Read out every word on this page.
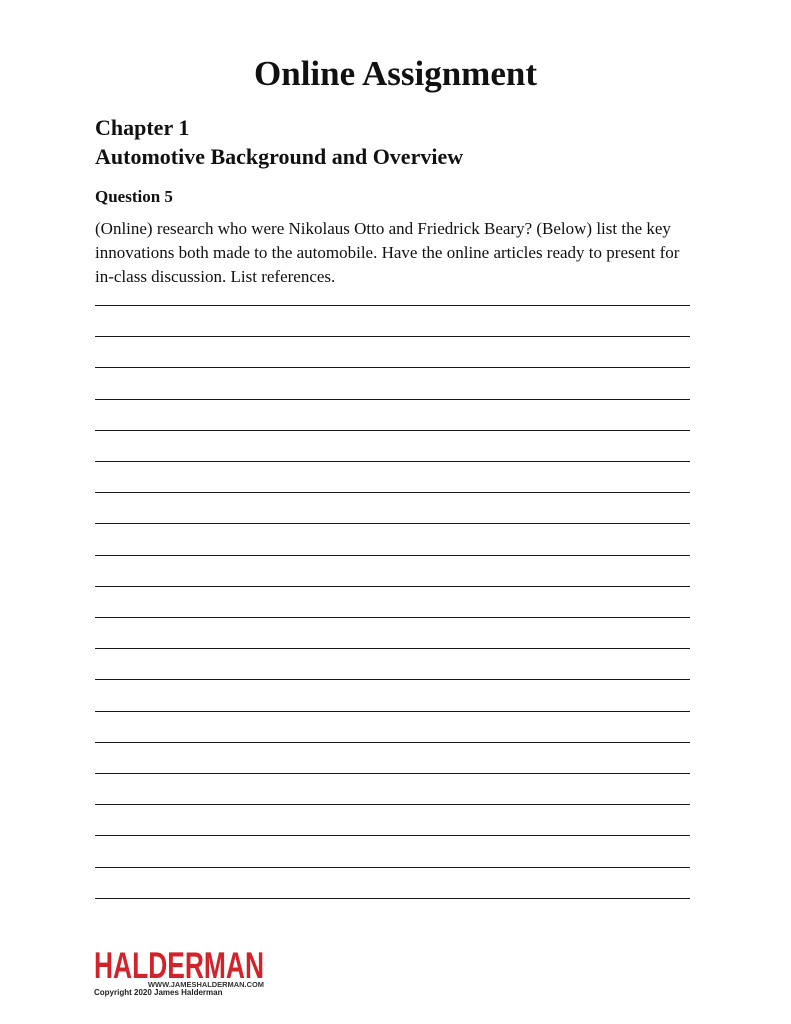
Online Assignment
Chapter 1
Automotive Background and Overview
Question 5

(Online) research who were Nikolaus Otto and Friedrick Beary? (Below) list the key innovations both made to the automobile. Have the online articles ready to present for in-class discussion. List references.

HALDERMAN
WWW.JAMESHALDERMAN.COM

Copyright 2020 James Halderman
